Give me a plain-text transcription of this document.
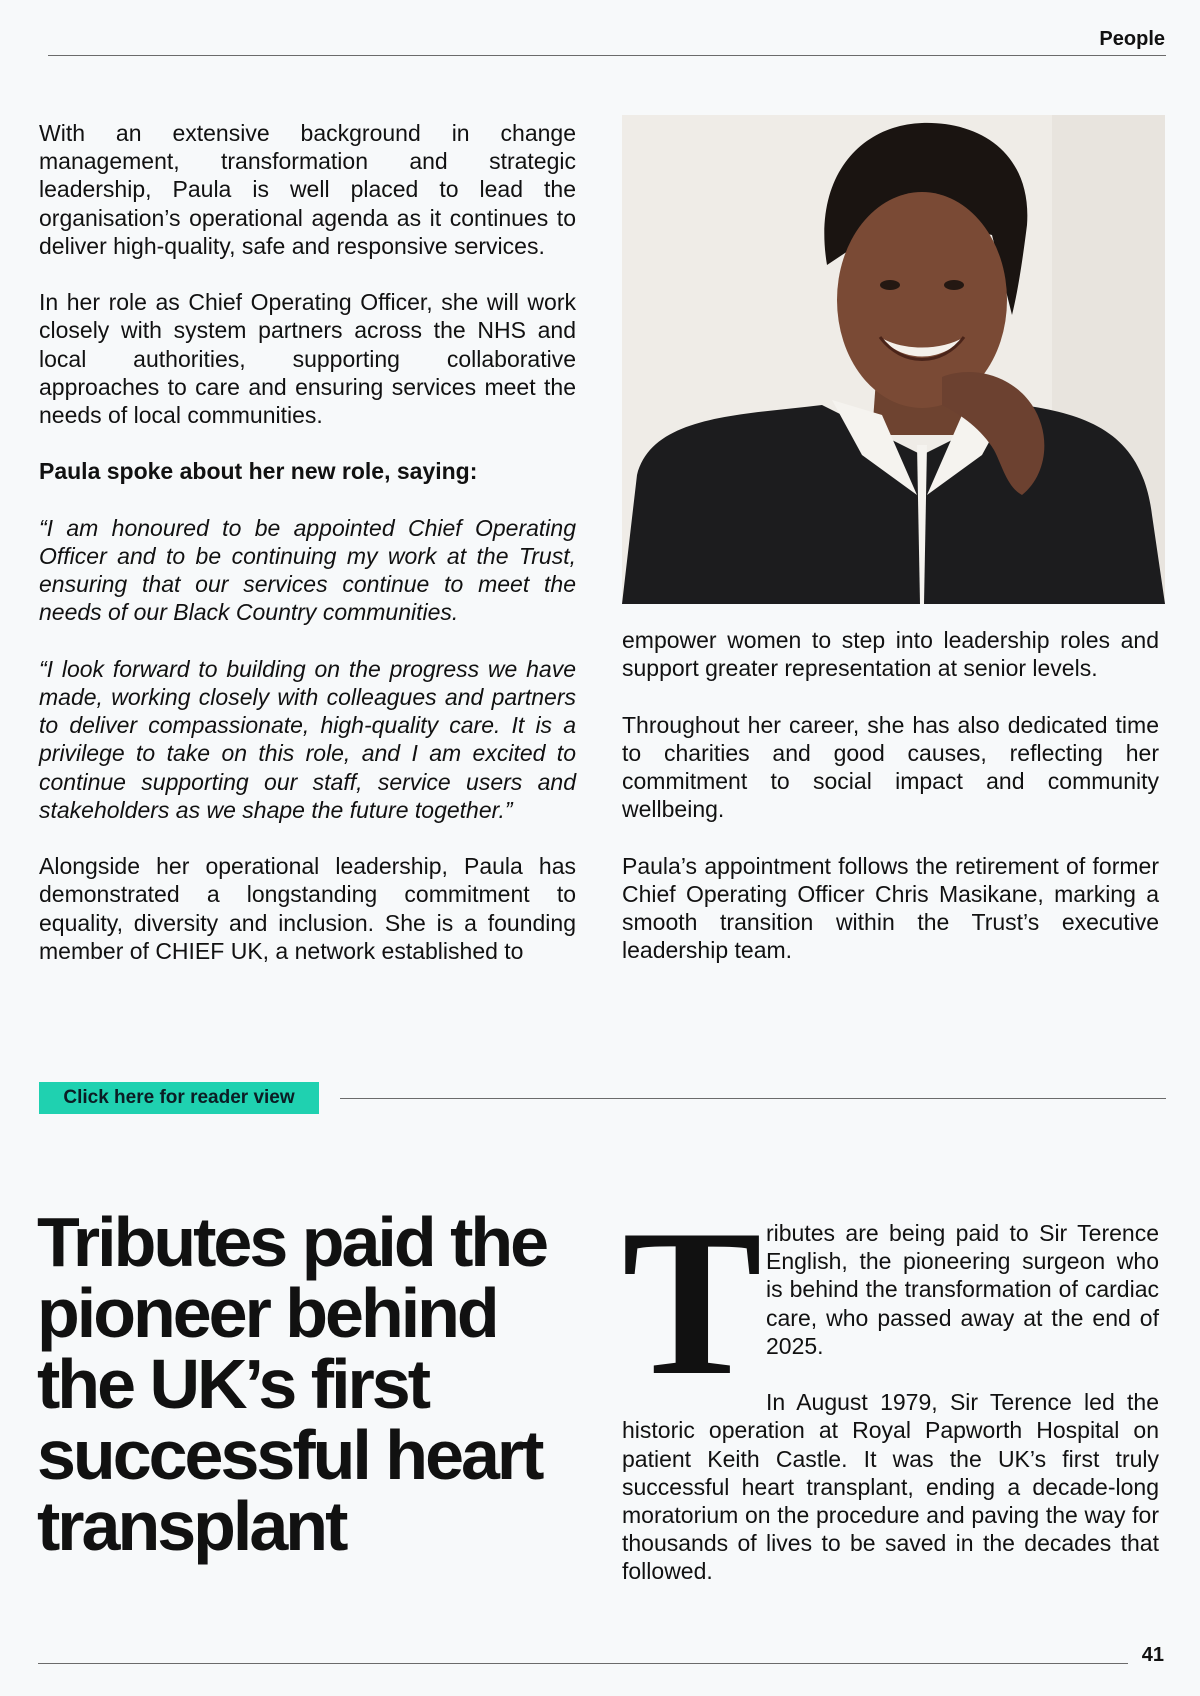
People

With an extensive background in change management, transformation and strategic leadership, Paula is well placed to lead the organisation’s operational agenda as it continues to deliver high-quality, safe and responsive services.

In her role as Chief Operating Officer, she will work closely with system partners across the NHS and local authorities, supporting collaborative approaches to care and ensuring services meet the needs of local communities.

Paula spoke about her new role, saying:

“I am honoured to be appointed Chief Operating Officer and to be continuing my work at the Trust, ensuring that our services continue to meet the needs of our Black Country communities.

“I look forward to building on the progress we have made, working closely with colleagues and partners to deliver compassionate, high-quality care. It is a privilege to take on this role, and I am excited to continue supporting our staff, service users and stakeholders as we shape the future together.”

Alongside her operational leadership, Paula has demonstrated a longstanding commitment to equality, diversity and inclusion. She is a founding member of CHIEF UK, a network established to

empower women to step into leadership roles and support greater representation at senior levels.

Throughout her career, she has also dedicated time to charities and good causes, reflecting her commitment to social impact and community wellbeing.

Paula’s appointment follows the retirement of former Chief Operating Officer Chris Masikane, marking a smooth transition within the Trust’s executive leadership team.

Click here for reader view
Tributes paid the pioneer behind the UK’s first successful heart transplant
T ributes are being paid to Sir Terence English, the pioneering surgeon who is behind the transformation of cardiac care, who passed away at the end of 2025.

In August 1979, Sir Terence led the historic operation at Royal Papworth Hospital on patient Keith Castle. It was the UK’s first truly successful heart transplant, ending a decade-long moratorium on the procedure and paving the way for thousands of lives to be saved in the decades that followed.

41
